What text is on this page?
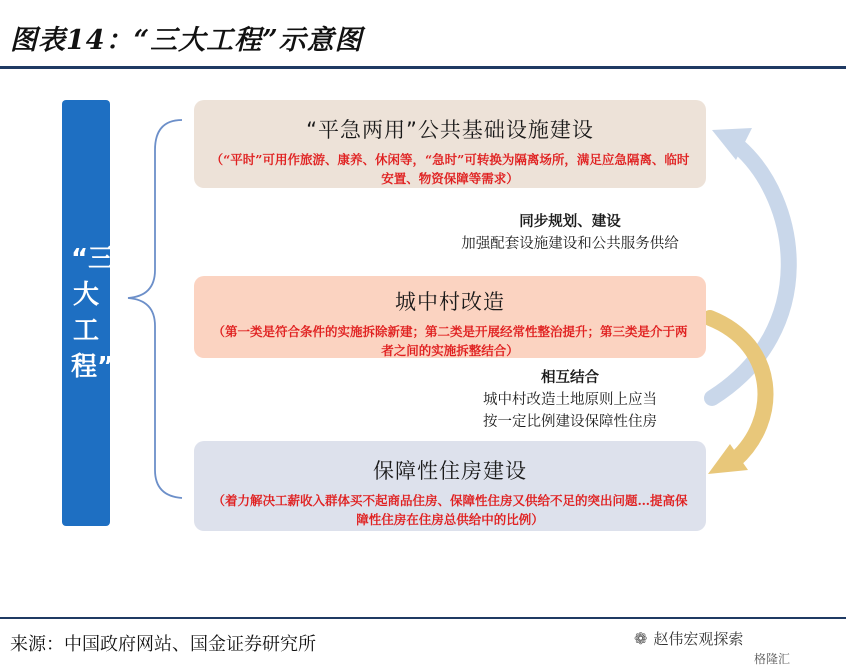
图表14：“三大工程”示意图
“三大工程”
“平急两用”公共基础设施建设
（“平时”可用作旅游、康养、休闲等，“急时”可转换为隔离场所，满足应急隔离、临时安置、物资保障等需求）
同步规划、建设
加强配套设施建设和公共服务供给
城中村改造
（第一类是符合条件的实施拆除新建；第二类是开展经常性整治提升；第三类是介于两者之间的实施拆整结合）
相互结合
城中村改造土地原则上应当
按一定比例建设保障性住房
保障性住房建设
（着力解决工薪收入群体买不起商品住房、保障性住房又供给不足的突出问题…提高保障性住房在住房总供给中的比例）
来源：中国政府网站、国金证券研究所	❁ 赵伟宏观探索
格隆汇
